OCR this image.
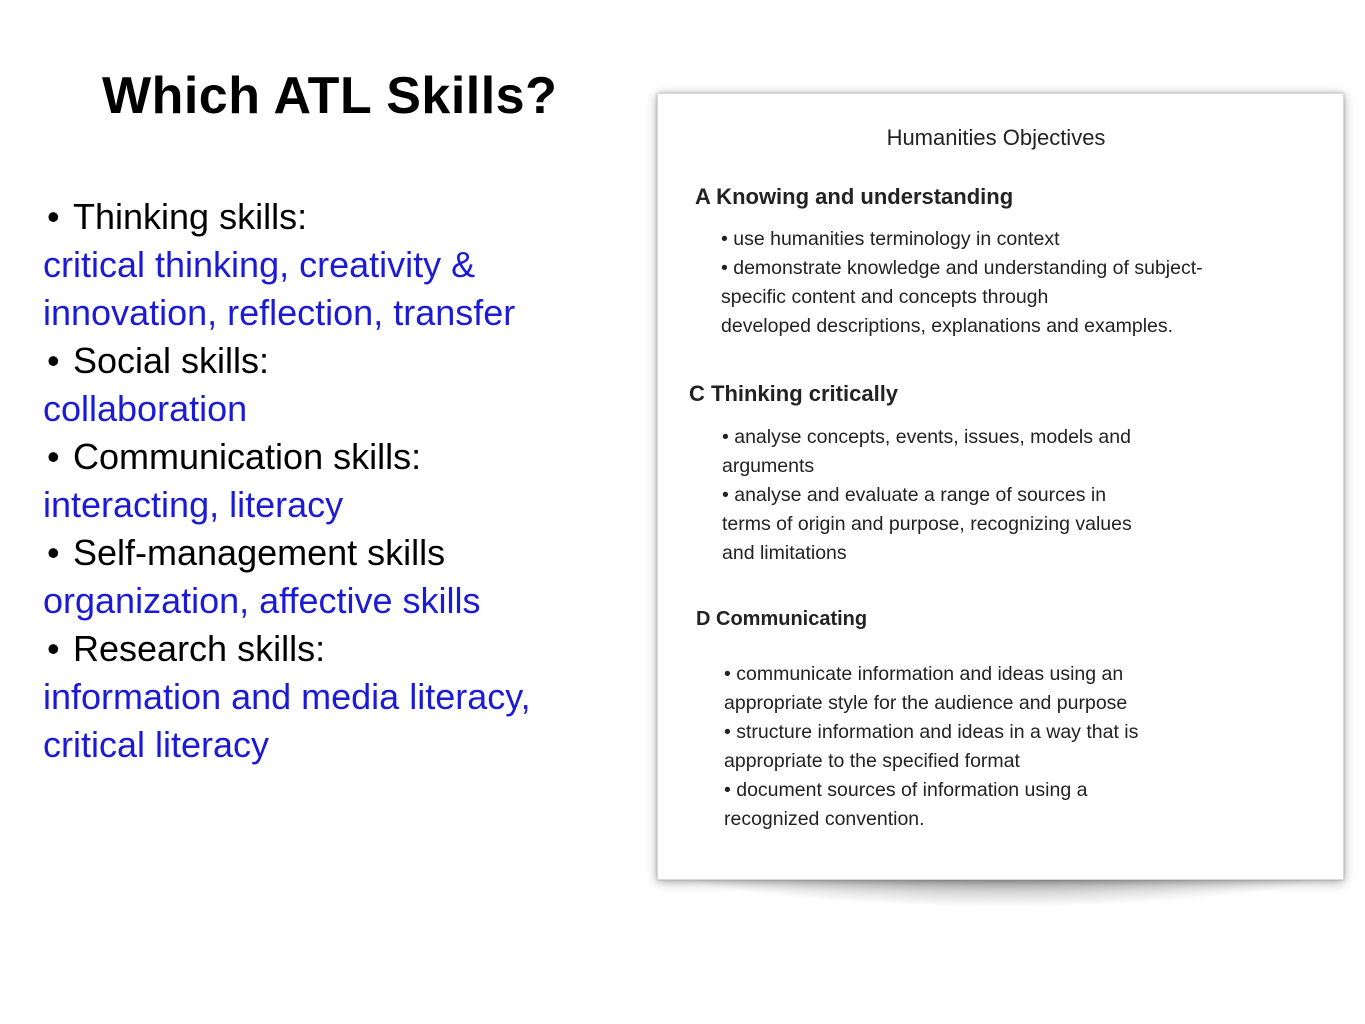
Which ATL Skills?
• Thinking skills:
critical thinking, creativity &
innovation, reflection, transfer
• Social skills:
collaboration
• Communication skills:
interacting, literacy
• Self-management skills
organization, affective skills
• Research skills:
information and media literacy,
critical literacy
Humanities Objectives
A Knowing and understanding
• use humanities terminology in context
• demonstrate knowledge and understanding of subject-
specific content and concepts through
developed descriptions, explanations and examples.
C Thinking critically
• analyse concepts, events, issues, models and
arguments
• analyse and evaluate a range of sources in
terms of origin and purpose, recognizing values
and limitations
D Communicating
• communicate information and ideas using an
appropriate style for the audience and purpose
• structure information and ideas in a way that is
appropriate to the specified format
• document sources of information using a
recognized convention.
